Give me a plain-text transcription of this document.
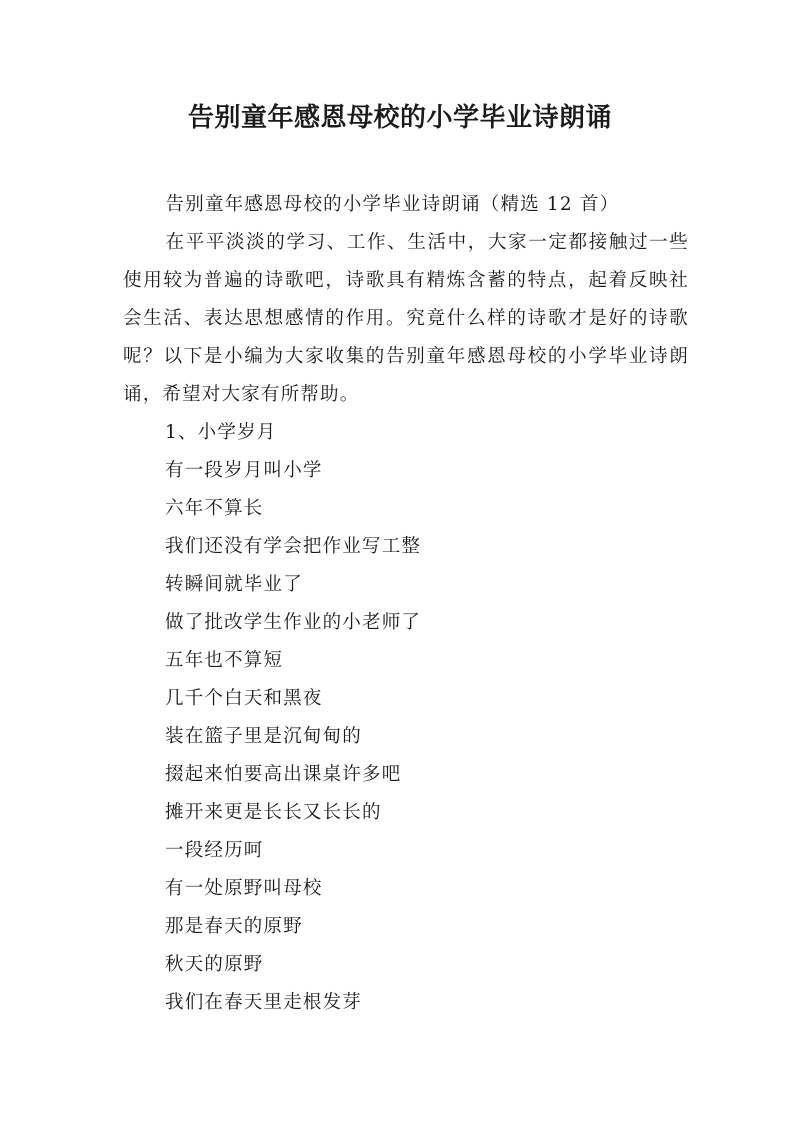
告别童年感恩母校的小学毕业诗朗诵

告别童年感恩母校的小学毕业诗朗诵（精选 12 首）

在平平淡淡的学习、工作、生活中，大家一定都接触过一些使用较为普遍的诗歌吧，诗歌具有精炼含蓄的特点，起着反映社会生活、表达思想感情的作用。究竟什么样的诗歌才是好的诗歌呢？以下是小编为大家收集的告别童年感恩母校的小学毕业诗朗诵，希望对大家有所帮助。

1、小学岁月

有一段岁月叫小学

六年不算长

我们还没有学会把作业写工整

转瞬间就毕业了

做了批改学生作业的小老师了

五年也不算短

几千个白天和黑夜

装在篮子里是沉甸甸的

掇起来怕要高出课桌许多吧

摊开来更是长长又长长的

一段经历呵

有一处原野叫母校

那是春天的原野

秋天的原野

我们在春天里走根发芽
